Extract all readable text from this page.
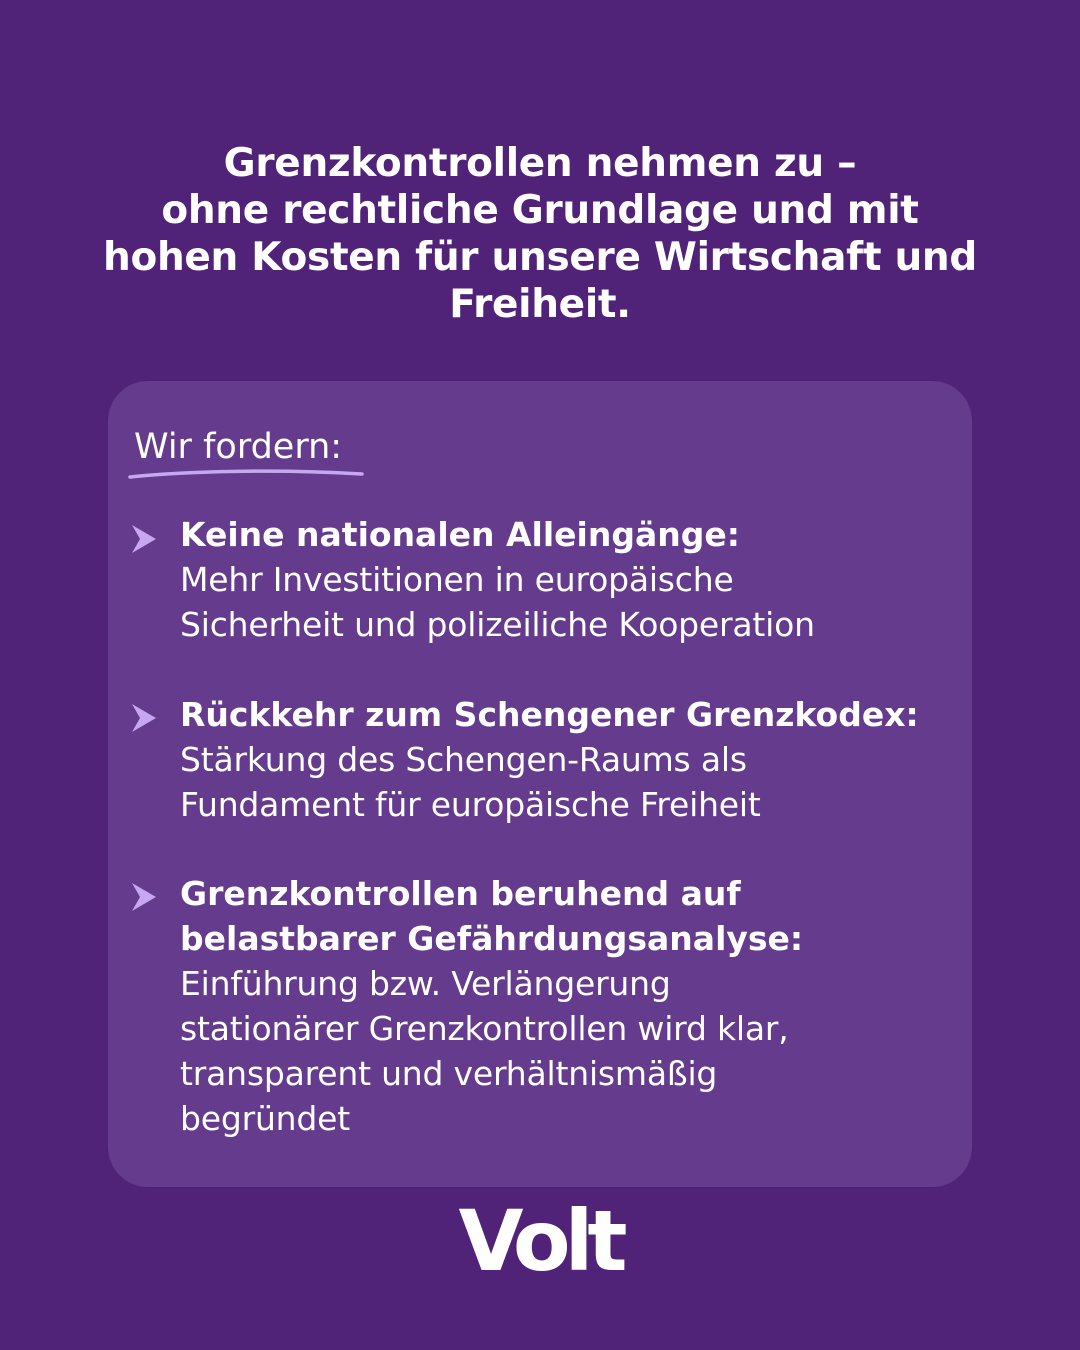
Grenzkontrollen nehmen zu –
ohne rechtliche Grundlage und mit
hohen Kosten für unsere Wirtschaft und
Freiheit.
Wir fordern:
Keine nationalen Alleingänge:
Mehr Investitionen in europäische
Sicherheit und polizeiliche Kooperation
Rückkehr zum Schengener Grenzkodex:
Stärkung des Schengen-Raums als
Fundament für europäische Freiheit
Grenzkontrollen beruhend auf
belastbarer Gefährdungsanalyse:
Einführung bzw. Verlängerung
stationärer Grenzkontrollen wird klar,
transparent und verhältnismäßig
begründet
Volt
